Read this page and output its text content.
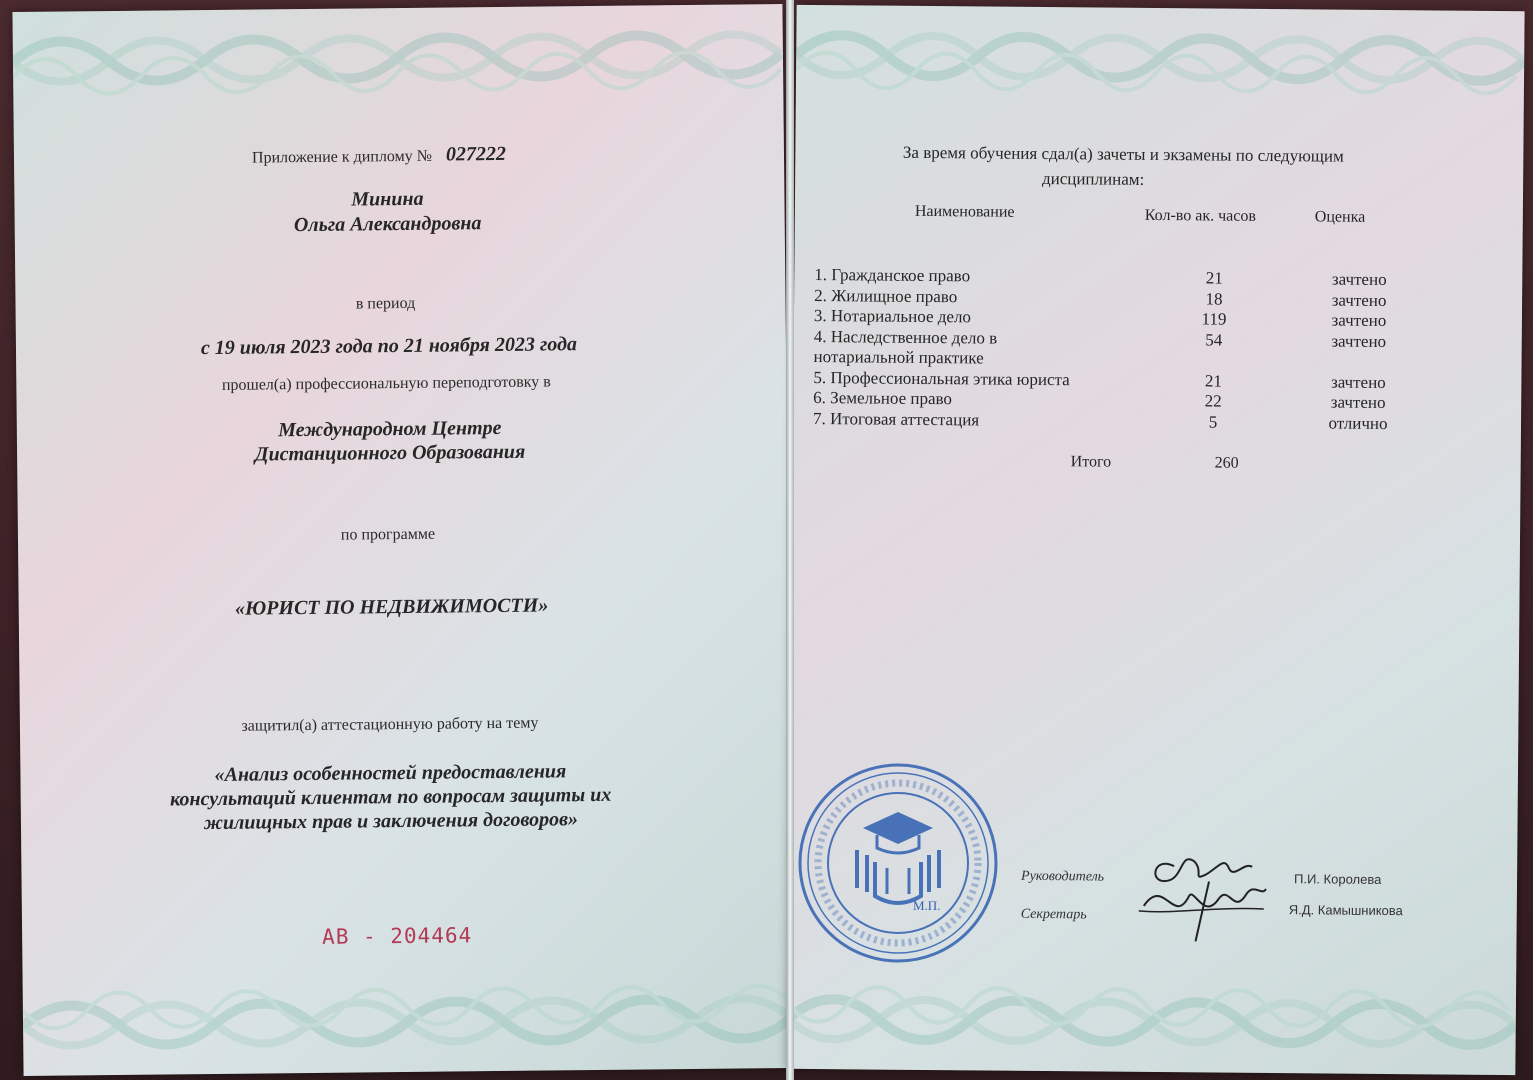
Приложение к диплому № 027222
Минина
Ольга Александровна
в период
с 19 июля 2023 года по 21 ноября 2023 года
прошел(а) профессиональную переподготовку в
Международном Центре
Дистанционного Образования
по программе
«ЮРИСТ ПО НЕДВИЖИМОСТИ»
защитил(а) аттестационную работу на тему
«Анализ особенностей предоставления
консультаций клиентам по вопросам защиты их
жилищных прав и заключения договоров»
АВ - 204464
За время обучения сдал(а) зачеты и экзамены по следующим
дисциплинам:
Наименование	Кол-во ак. часов	Оценка
1. Гражданское право	21	зачтено
2. Жилищное право	18	зачтено
3. Нотариальное дело	119	зачтено
4. Наследственное дело в
нотариальной практике
54	зачтено
5. Профессиональная этика юриста	21	зачтено
6. Земельное право	22	зачтено
7. Итоговая аттестация	5	отлично
Итого	260
Руководитель
Секретарь
П.И. Королева
Я.Д. Камышникова
М.П.
